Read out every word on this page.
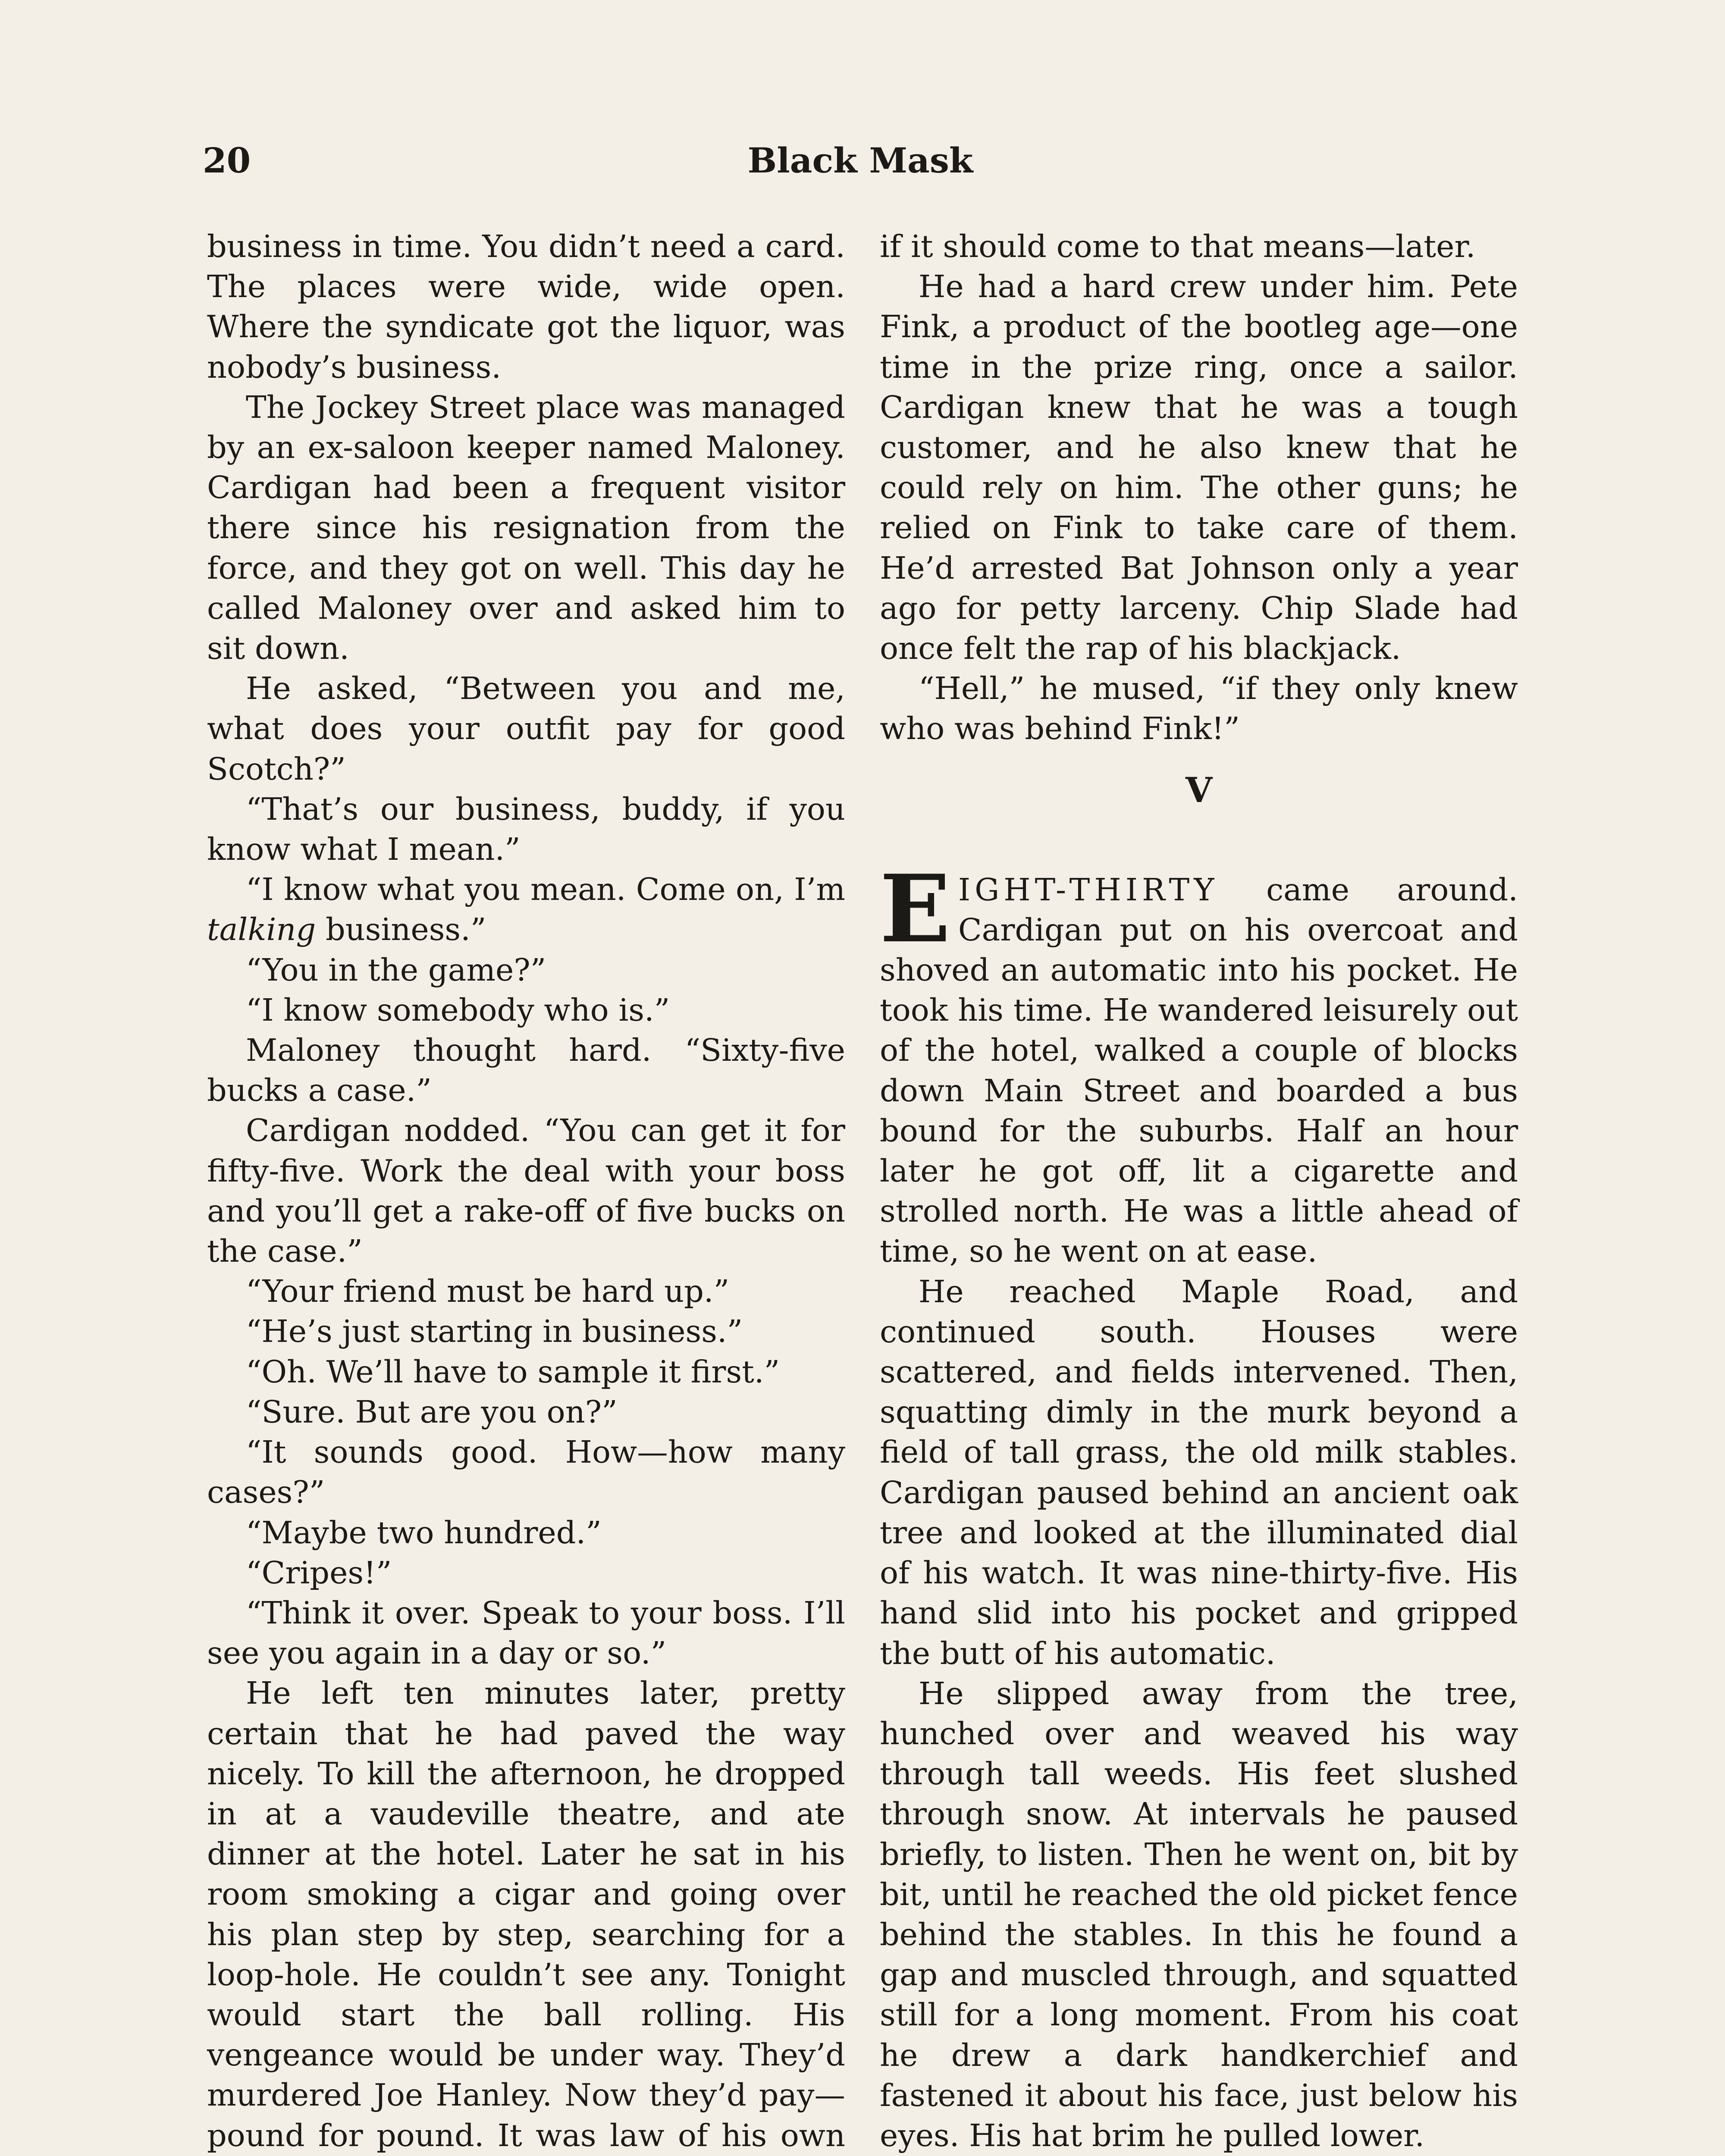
20	Black Mask

business in time. You didn’t need a card. The places were wide, wide open. Where the syndicate got the liquor, was nobody’s business.

The Jockey Street place was managed by an ex-saloon keeper named Maloney. Cardigan had been a frequent visitor there since his resignation from the force, and they got on well. This day he called Maloney over and asked him to sit down.

He asked, “Between you and me, what does your outfit pay for good Scotch?”

“That’s our business, buddy, if you know what I mean.”

“I know what you mean. Come on, I’m talking business.”

“You in the game?”

“I know somebody who is.”

Maloney thought hard. “Sixty-five bucks a case.”

Cardigan nodded. “You can get it for fifty-five. Work the deal with your boss and you’ll get a rake-off of five bucks on the case.”

“Your friend must be hard up.”

“He’s just starting in business.”

“Oh. We’ll have to sample it first.”

“Sure. But are you on?”

“It sounds good. How—how many cases?”

“Maybe two hundred.”

“Cripes!”

“Think it over. Speak to your boss. I’ll see you again in a day or so.”

He left ten minutes later, pretty certain that he had paved the way nicely. To kill the afternoon, he dropped in at a vaudeville theatre, and ate dinner at the hotel. Later he sat in his room smoking a cigar and going over his plan step by step, searching for a loop-hole. He couldn’t see any. Tonight would start the ball rolling. His vengeance would be under way. They’d murdered Joe Hanley. Now they’d pay—pound for pound. It was law of his own

if it should come to that means—later.

He had a hard crew under him. Pete Fink, a product of the bootleg age—one time in the prize ring, once a sailor. Cardigan knew that he was a tough customer, and he also knew that he could rely on him. The other guns; he relied on Fink to take care of them. He’d arrested Bat Johnson only a year ago for petty larceny. Chip Slade had once felt the rap of his blackjack.

“Hell,” he mused, “if they only knew who was behind Fink!”

V

EIGHT-THIRTY came around. Cardigan put on his overcoat and shoved an automatic into his pocket. He took his time. He wandered leisurely out of the hotel, walked a couple of blocks down Main Street and boarded a bus bound for the suburbs. Half an hour later he got off, lit a cigarette and strolled north. He was a little ahead of time, so he went on at ease.

He reached Maple Road, and continued south. Houses were scattered, and fields intervened. Then, squatting dimly in the murk beyond a field of tall grass, the old milk stables. Cardigan paused behind an ancient oak tree and looked at the illuminated dial of his watch. It was nine-thirty-five. His hand slid into his pocket and gripped the butt of his automatic.

He slipped away from the tree, hunched over and weaved his way through tall weeds. His feet slushed through snow. At intervals he paused briefly, to listen. Then he went on, bit by bit, until he reached the old picket fence behind the stables. In this he found a gap and muscled through, and squatted still for a long moment. From his coat he drew a dark handkerchief and fastened it about his face, just below his eyes. His hat brim he pulled lower.
